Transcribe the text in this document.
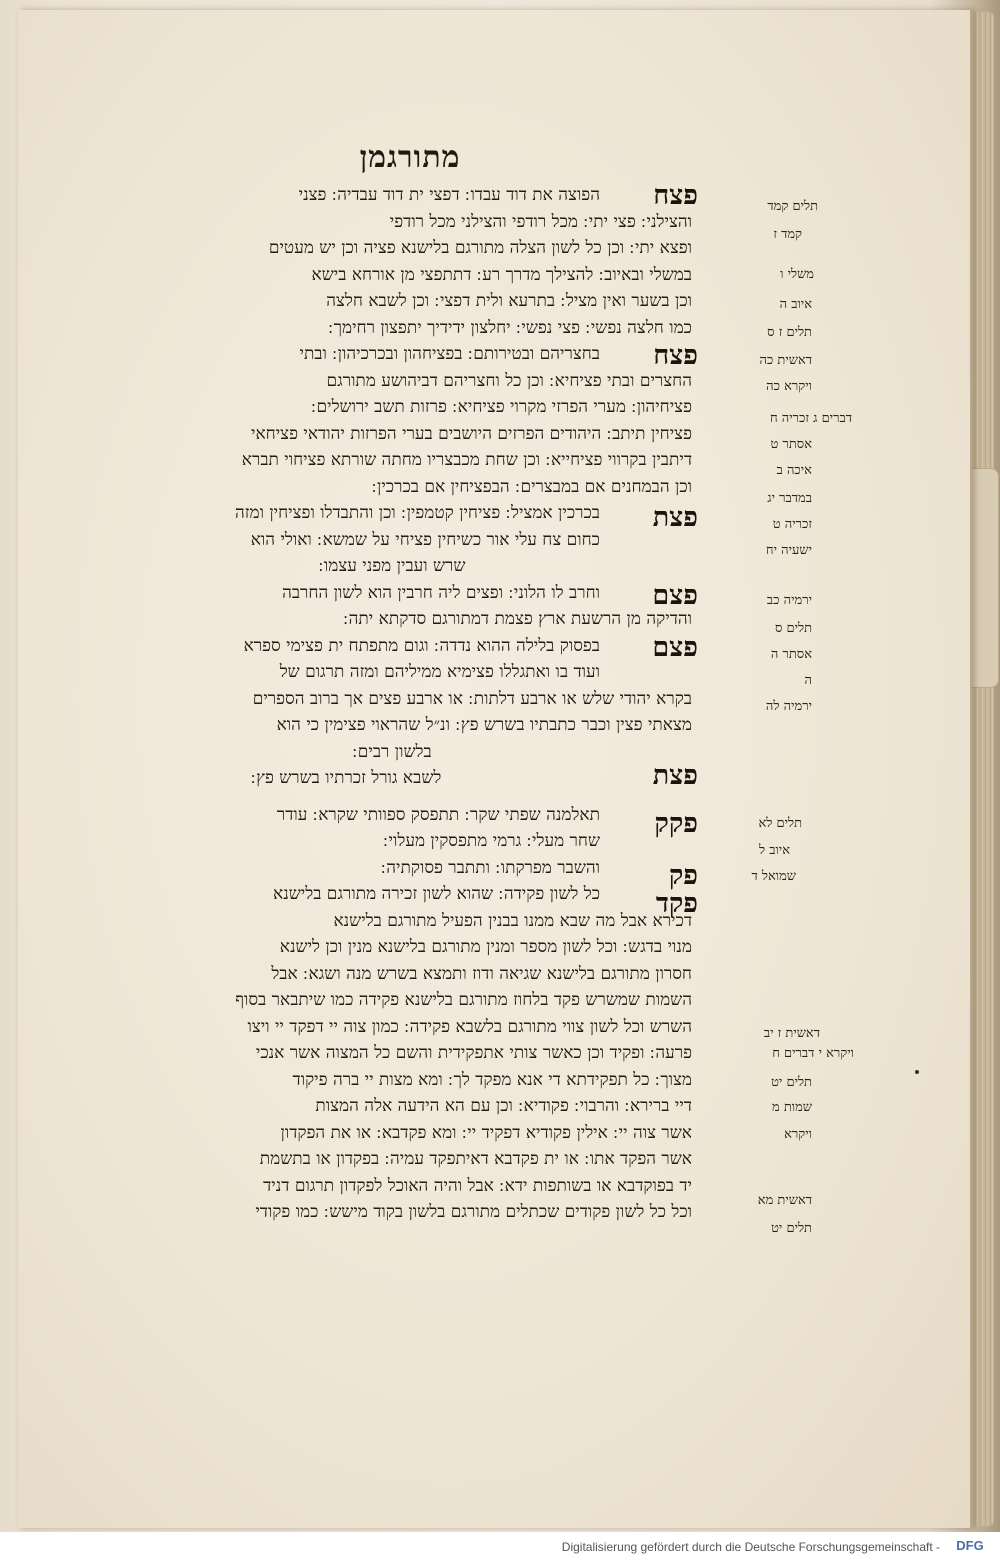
מתורגמן
פצח
פצח
פצת
פצם
פצם
פצת
פקק
פק
פקד
הפוצה את דוד עבדו ׃ דפצי ית דוד עבדיה ׃ פצני
והצילני ׃ פצי יתי ׃ מכל רודפי והצילני מכל רודפי
ופצא יתי ׃ וכן כל לשון הצלה מתורגם בלישנא פציה וכן יש מעטים
במשלי ובאיוב ׃ להצילך מדרך רע ׃ דתתפצי מן אורחא בישא
וכן בשער ואין מציל ׃ בתרעא ולית דפצי ׃ וכן לשבא חלצה
כמו חלצה נפשי ׃ פצי נפשי ׃ יחלצון ידידיך יתפצון רחימך ׃
בחצריהם ובטירותם ׃ בפציחהון ובכרכיהון ׃ ובתי
החצרים ובתי פציחיא ׃ וכן כל וחצריהם דביהושע מתורגם
פציחיהון ׃ מערי הפרזי מקרוי פציחיא ׃ פרזות תשב ירושלים ׃
פציחין תיתב ׃ היהודים הפרזים היושבים בערי הפרזות יהודאי פציחאי
דיתבין בקרווי פציחייא ׃ וכן שחת מכבצריו מחתה שורתא פציחוי תברא
וכן הבמחנים אם במבצרים ׃ הבפציחין אם בכרכין ׃
בכרכין אמציל ׃ פציחין קטמפין ׃ וכן והתבדלו ופציחין ומזה
כחום צח עלי אור כשיחין פציחי על שמשא ׃ ואולי הוא
שרש ועבין מפני עצמו ׃
וחרב לו הלוני ׃ ופצים ליה חרבין הוא לשון החרבה
והדיקה מן הרשעת ארץ פצמת דמתורגם סדקתא יתה ׃
בפסוק בלילה ההוא נדדה ׃ וגום מתפתח ית פצימי ספרא
ועוד בו ואתגללו פצימיא ממיליהם ומזה תרגום של
בקרא יהודי שלש או ארבע דלתות ׃ או ארבע פצים אך ברוב הספרים
מצאתי פצין וכבר כתבתיו בשרש פץ ׃ ונ״ל שהראוי פצימין כי הוא
בלשון רבים ׃
לשבא גורל זכרתיו בשרש פץ ׃
תאלמנה שפתי שקר ׃ תתפסק ספוותי שקרא ׃ עודר
שחר מעלי ׃ גרמי מתפסקין מעלוי ׃
והשבר מפרקתו ׃ ותתבר פסוקתיה ׃
כל לשון פקידה ׃ שהוא לשון זכירה מתורגם בלישנא
דכירא אבל מה שבא ממנו בבנין הפעיל מתורגם בלישנא
מנוי בדגש ׃ וכל לשון מספר ומנין מתורגם בלישנא מנין וכן לישנא
חסרון מתורגם בלישנא שגיאה ודוז ותמצא בשרש מנה ושגא ׃ אבל
השמות שמשרש פקד בלחוז מתורגם בלישנא פקידה כמו שיתבאר בסוף
השרש וכל לשון צווי מתורגם בלשבא פקידה ׃ כמון צוה יי דפקד יי ויצו
פרעה ׃ ופקיד וכן כאשר צותי אתפקידית והשם כל המצוה אשר אנכי
מצוך ׃ כל תפקידתא די אנא מפקד לך ׃ ומא מצות יי ברה פיקוד
דיי ברירא ׃ והרבוי ׃ פקודיא ׃ וכן עם הא הידעה אלה המצות
אשר צוה יי ׃ אילין פקודיא דפקיד יי ׃ ומא פקדבא ׃ או את הפקדון
אשר הפקד אתו ׃ או ית פקדבא דאיתפקד עמיה ׃ בפקדון או בתשמת
יד בפוקדבא או בשותפות ידא ׃ אבל והיה האוכל לפקדון תרגום דניד
וכל כל לשון פקודים שכתלים מתורגם בלשון בקוד מישש ׃ כמו פקודי
תלים קמד
קמד ז
משלי ו
איוב ה
תלים ז ס
דאשית כה
ויקרא כה
דברים ג זכריה ח
אסתר ט
איכה ב
במדבר יג
זכריה ט
ישעיה יח
ירמיה כב
תלים ס
אסתר ה
ה
ירמיה לה
תלים לא
איוב ל
שמואל ד
דאשית ז יב
ויקרא י דברים ח
תלים יט
שמות מ
ויקרא
דאשית מא
תלים יט
Digitalisierung gefördert durch die Deutsche Forschungsgemeinschaft -	DFG
